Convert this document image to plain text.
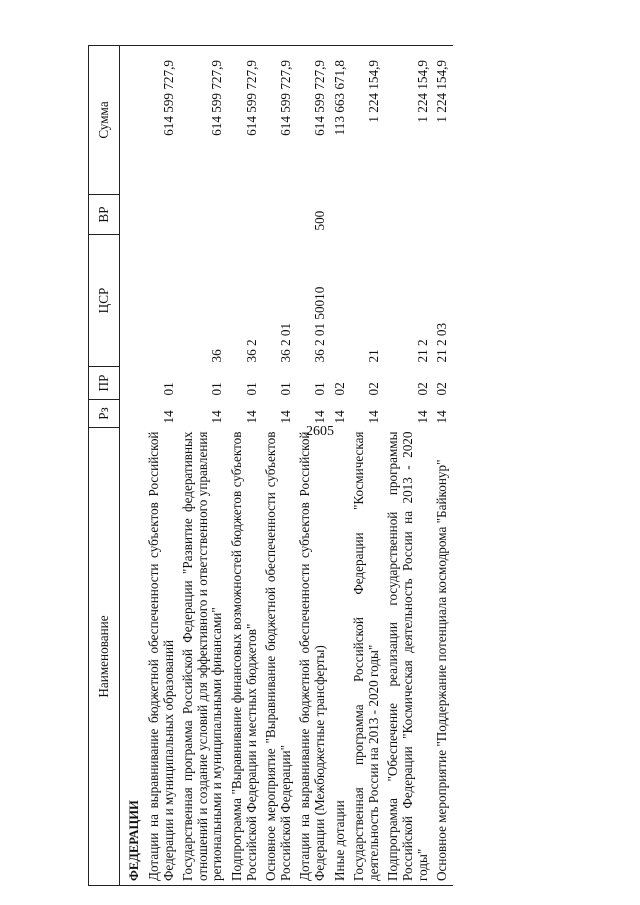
2605
Наименование	Рз	ПР	ЦСР	ВР	Сумма
ФЕДЕРАЦИИ					
Дотации на выравнивание бюджетной обеспеченности субъектов Российской Федерации и муниципальных образований	14	01			614 599 727,9
Государственная программа Российской Федерации "Развитие федеративных отношений и создание условий для эффективного и ответственного управления региональными и муниципальными финансами"	14	01	36		614 599 727,9
Подпрограмма "Выравнивание финансовых возможностей бюджетов субъектов Российской Федерации и местных бюджетов"	14	01	36 2		614 599 727,9
Основное мероприятие "Выравнивание бюджетной обеспеченности субъектов Российской Федерации"	14	01	36 2 01		614 599 727,9
Дотации на выравнивание бюджетной обеспеченности субъектов Российской Федерации (Межбюджетные трансферты)	14	01	36 2 01 50010	500	614 599 727,9
Иные дотации	14	02			113 663 671,8
Государственная программа Российской Федерации "Космическая деятельность России на 2013 - 2020 годы"	14	02	21		1 224 154,9
Подпрограмма "Обеспечение реализации государственной программы Российской Федерации "Космическая деятельность России на 2013 - 2020 годы"	14	02	21 2		1 224 154,9
Основное мероприятие "Поддержание потенциала космодрома "Байконур"	14	02	21 2 03		1 224 154,9
